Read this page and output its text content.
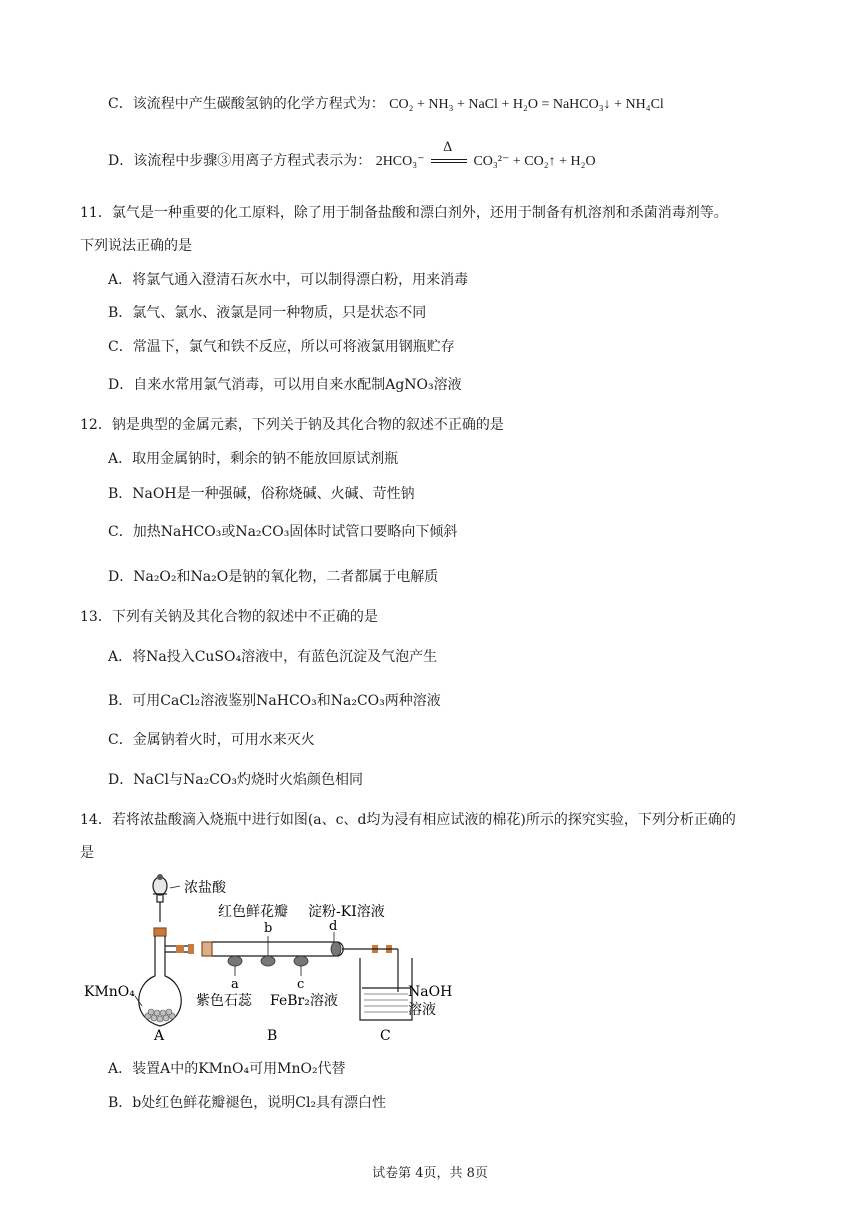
C．该流程中产生碳酸氢钠的化学方程式为： CO₂ + NH₃ + NaCl + H₂O = NaHCO₃↓ + NH₄Cl
D．该流程中步骤③用离子方程式表示为： 2HCO₃⁻
Δ
CO₃²⁻ + CO₂↑ + H₂O
11．氯气是一种重要的化工原料，除了用于制备盐酸和漂白剂外，还用于制备有机溶剂和杀菌消毒剂等。
下列说法正确的是
A．将氯气通入澄清石灰水中，可以制得漂白粉，用来消毒
B．氯气、氯水、液氯是同一种物质，只是状态不同
C．常温下，氯气和铁不反应，所以可将液氯用钢瓶贮存
D．自来水常用氯气消毒，可以用自来水配制AgNO₃溶液
12．钠是典型的金属元素，下列关于钠及其化合物的叙述不正确的是
A．取用金属钠时，剩余的钠不能放回原试剂瓶
B．NaOH是一种强碱，俗称烧碱、火碱、苛性钠
C．加热NaHCO₃或Na₂CO₃固体时试管口要略向下倾斜
D．Na₂O₂和Na₂O是钠的氧化物，二者都属于电解质
13．下列有关钠及其化合物的叙述中不正确的是
A．将Na投入CuSO₄溶液中，有蓝色沉淀及气泡产生
B．可用CaCl₂溶液鉴别NaHCO₃和Na₂CO₃两种溶液
C．金属钠着火时，可用水来灭火
D．NaCl与Na₂CO₃灼烧时火焰颜色相同
14．若将浓盐酸滴入烧瓶中进行如图(a、c、d均为浸有相应试液的棉花)所示的探究实验，下列分析正确的
是
浓盐酸
红色鲜花瓣 淀粉-KI溶液
KMnO₄
紫色石蕊 FeBr₂溶液
NaOH
溶液
a
b
c
d
A	B	C
A．装置A中的KMnO₄可用MnO₂代替
B．b处红色鲜花瓣褪色，说明Cl₂具有漂白性
试卷第 4页，共 8页
